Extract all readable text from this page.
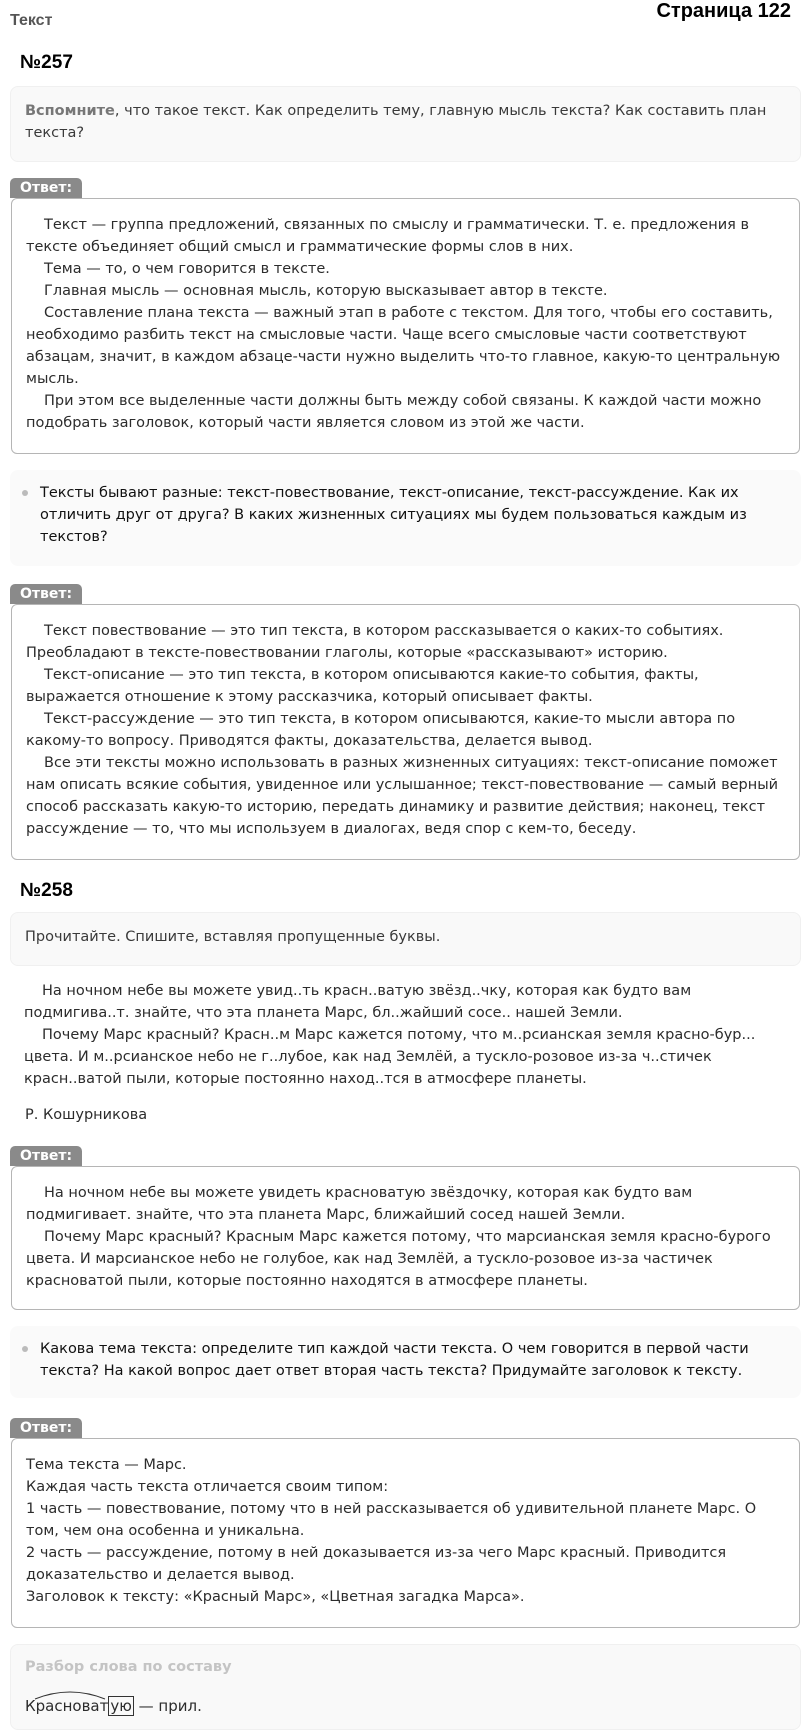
Текст	Страница 122
№257
Вспомните, что такое текст. Как определить тему, главную мысль текста? Как составить план текста?
Ответ:

Текст — группа предложений, связанных по смыслу и грамматически. Т. е. предложения в тексте объединяет общий смысл и грамматические формы слов в них.

Тема — то, о чем говорится в тексте.

Главная мысль — основная мысль, которую высказывает автор в тексте.

Составление плана текста — важный этап в работе с текстом. Для того, чтобы его составить, необходимо разбить текст на смысловые части. Чаще всего смысловые части соответствуют абзацам, значит, в каждом абзаце-части нужно выделить что-то главное, какую-то центральную мысль.

При этом все выделенные части должны быть между собой связаны. К каждой части можно подобрать заголовок, который части является словом из этой же части.

Тексты бывают разные: текст-повествование, текст-описание, текст-рассуждение. Как их отличить друг от друга? В каких жизненных ситуациях мы будем пользоваться каждым из текстов?
Ответ:

Текст повествование — это тип текста, в котором рассказывается о каких-то событиях. Преобладают в тексте-повествовании глаголы, которые «рассказывают» историю.

Текст-описание — это тип текста, в котором описываются какие-то события, факты, выражается отношение к этому рассказчика, который описывает факты.

Текст-рассуждение — это тип текста, в котором описываются, какие-то мысли автора по какому-то вопросу. Приводятся факты, доказательства, делается вывод.

Все эти тексты можно использовать в разных жизненных ситуациях: текст-описание поможет нам описать всякие события, увиденное или услышанное; текст-повествование — самый верный способ рассказать какую-то историю, передать динамику и развитие действия; наконец, текст рассуждение — то, что мы используем в диалогах, ведя спор с кем-то, беседу.

№258
Прочитайте. Спишите, вставляя пропущенные буквы.

На ночном небе вы можете увид..ть красн..ватую звёзд..чку, которая как будто вам подмигива..т. знайте, что эта планета Марс, бл..жайший сосе.. нашей Земли.

Почему Марс красный? Красн..м Марс кажется потому, что м..рсианская земля красно-бур... цвета. И м..рсианское небо не г..лубое, как над Землёй, а тускло-розовое из-за ч..стичек красн..ватой пыли, которые постоянно наход..тся в атмосфере планеты.

Р. Кошурникова
Ответ:

На ночном небе вы можете увидеть красноватую звёздочку, которая как будто вам подмигивает. знайте, что эта планета Марс, ближайший сосед нашей Земли.

Почему Марс красный? Красным Марс кажется потому, что марсианская земля красно-бурого цвета. И марсианское небо не голубое, как над Землёй, а тускло-розовое из-за частичек красноватой пыли, которые постоянно находятся в атмосфере планеты.

Какова тема текста: определите тип каждой части текста. О чем говорится в первой части текста? На какой вопрос дает ответ вторая часть текста? Придумайте заголовок к тексту.
Ответ:

Тема текста — Марс.

Каждая часть текста отличается своим типом:

1 часть — повествование, потому что в ней рассказывается об удивительной планете Марс. О том, чем она особенна и уникальна.

2 часть — рассуждение, потому в ней доказывается из-за чего Марс красный. Приводится доказательство и делается вывод.

Заголовок к тексту: «Красный Марс», «Цветная загадка Марса».

Разбор слова по составу
Красноват ую — прил.
